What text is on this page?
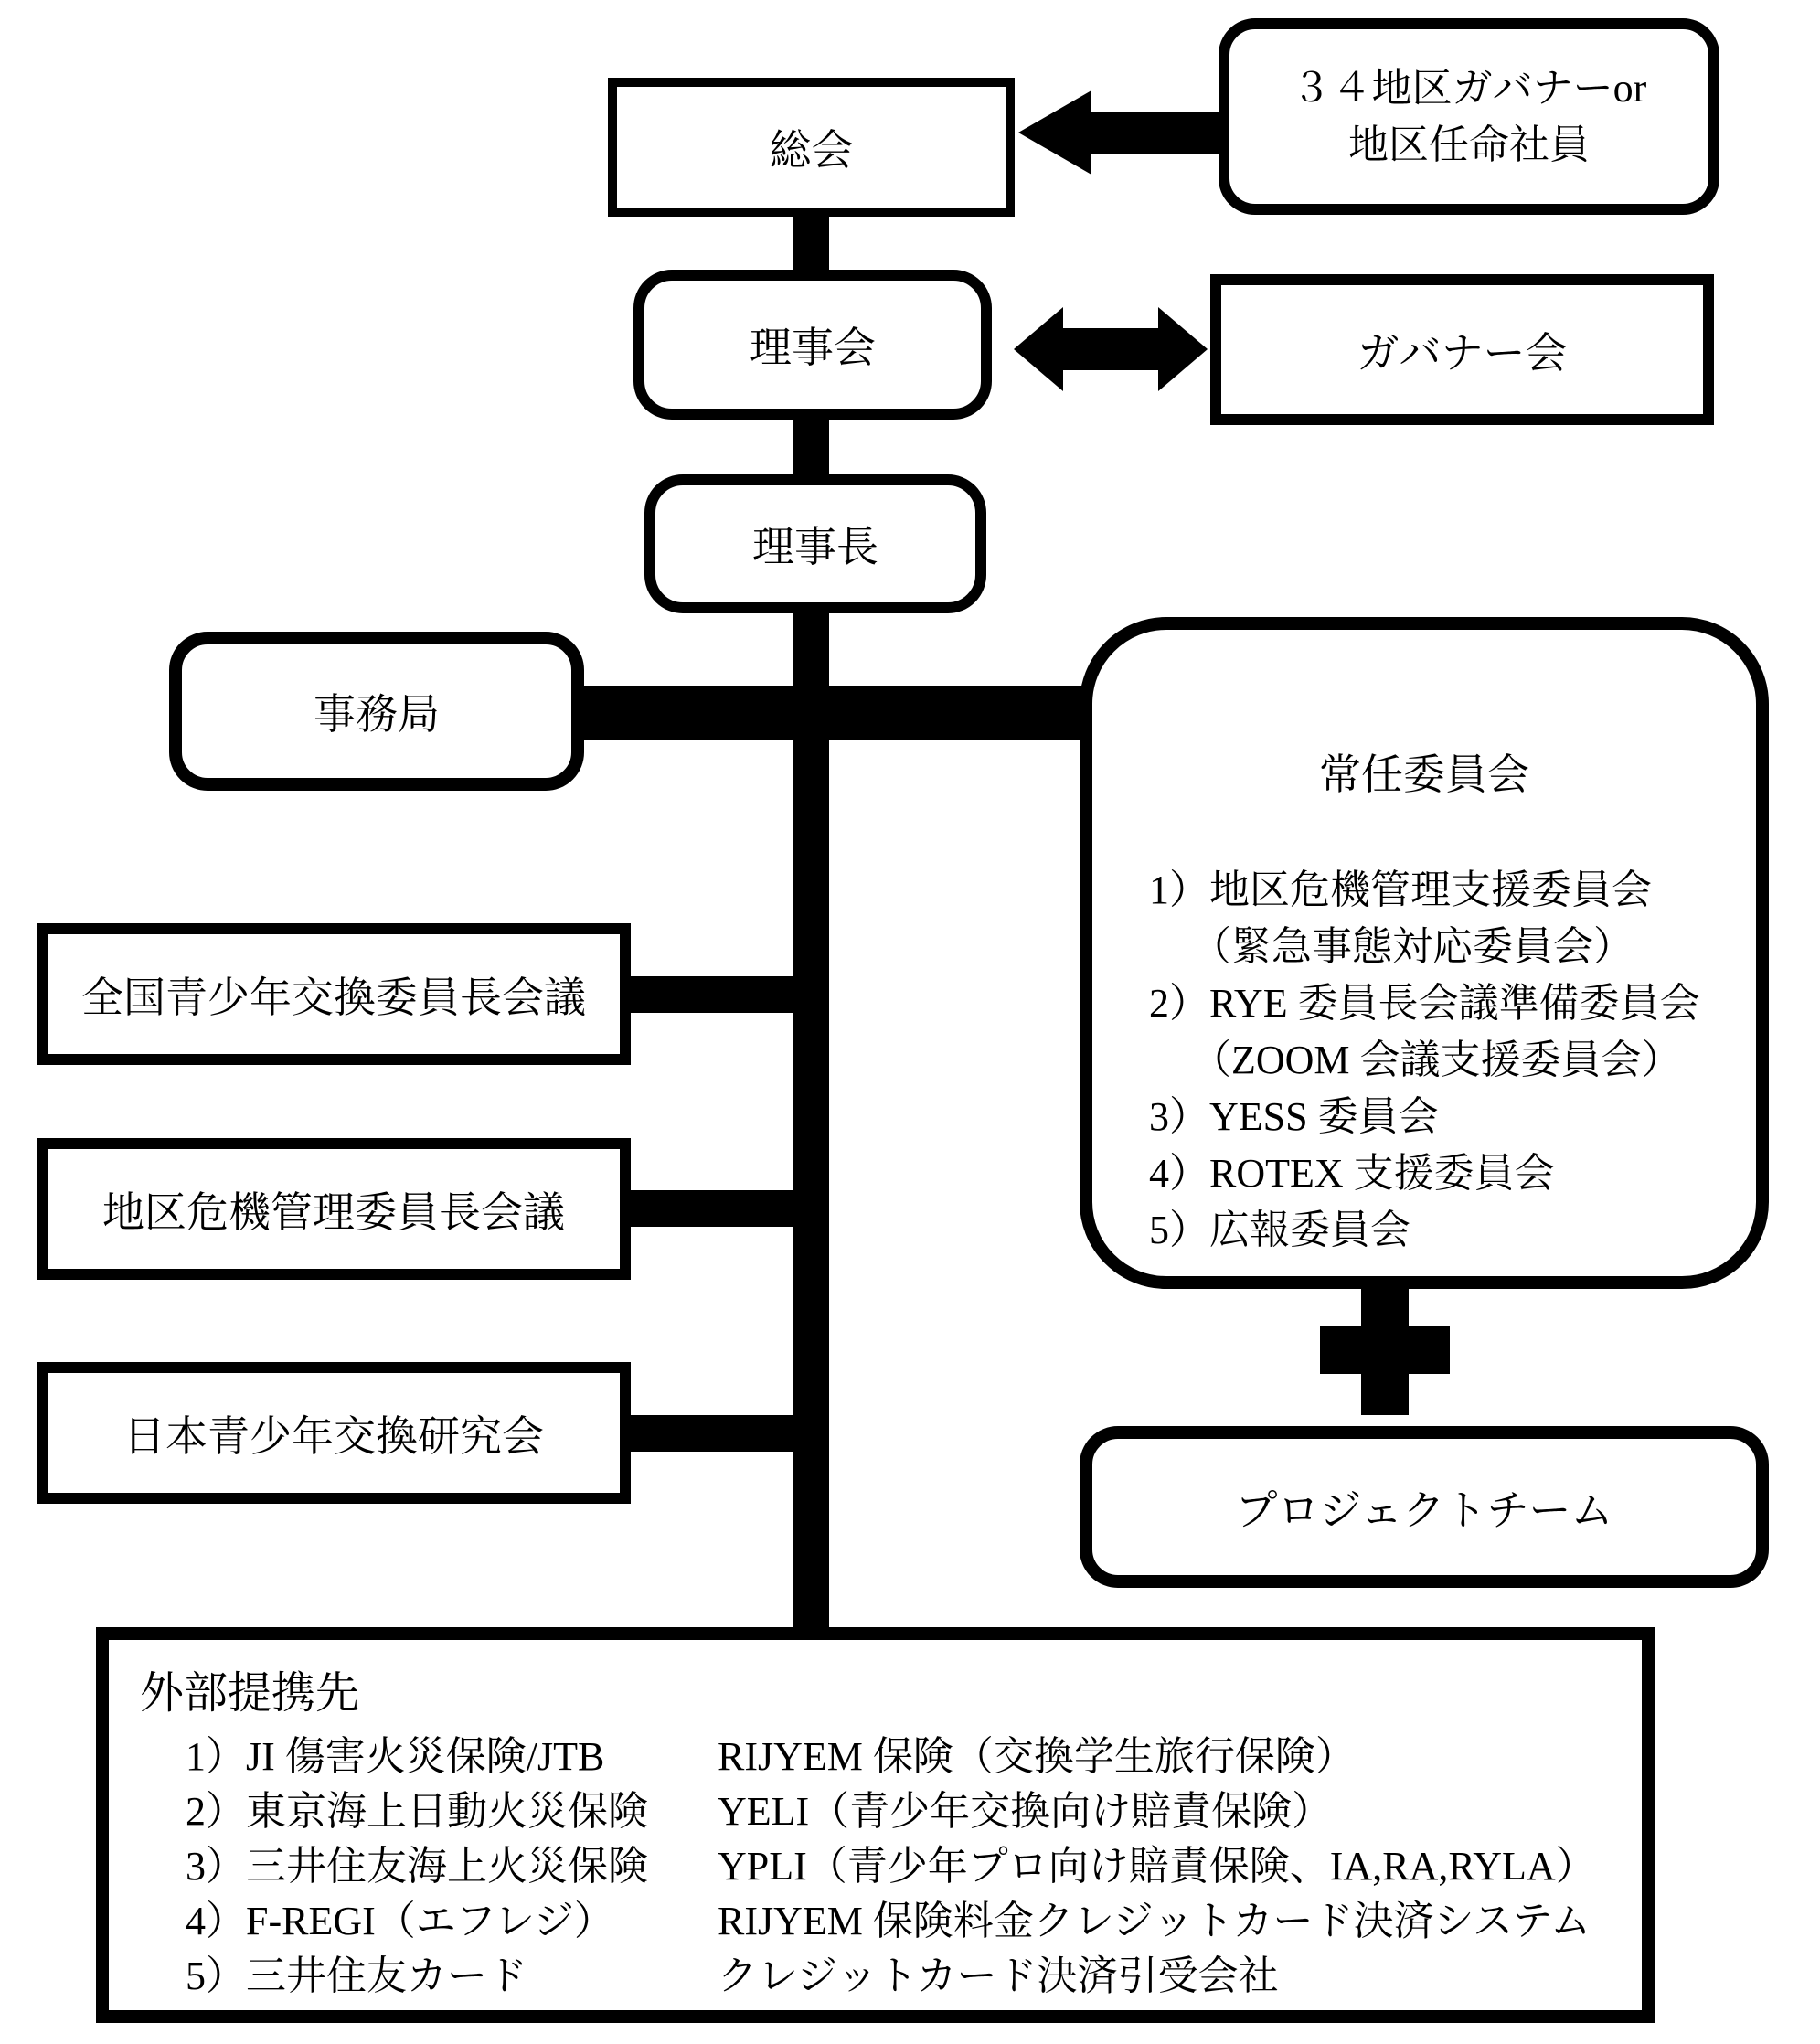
総会
３４地区ガバナーor
地区任命社員
理事会	ガバナー会
理事長
事務局
常任委員会
1）地区危機管理支援委員会
（緊急事態対応委員会）
2）RYE 委員長会議準備委員会
（ZOOM 会議支援委員会）
3）YESS 委員会
4）ROTEX 支援委員会
5）広報委員会
全国青少年交換委員長会議
地区危機管理委員長会議
日本青少年交換研究会
プロジェクトチーム
外部提携先
1）JI 傷害火災保険/JTB	RIJYEM 保険（交換学生旅行保険）
2）東京海上日動火災保険	YELI（青少年交換向け賠責保険）
3）三井住友海上火災保険	YPLI（青少年プロ向け賠責保険、IA,RA,RYLA）
4）F-REGI（エフレジ）	RIJYEM 保険料金クレジットカード決済システム
5）三井住友カード	クレジットカード決済引受会社
